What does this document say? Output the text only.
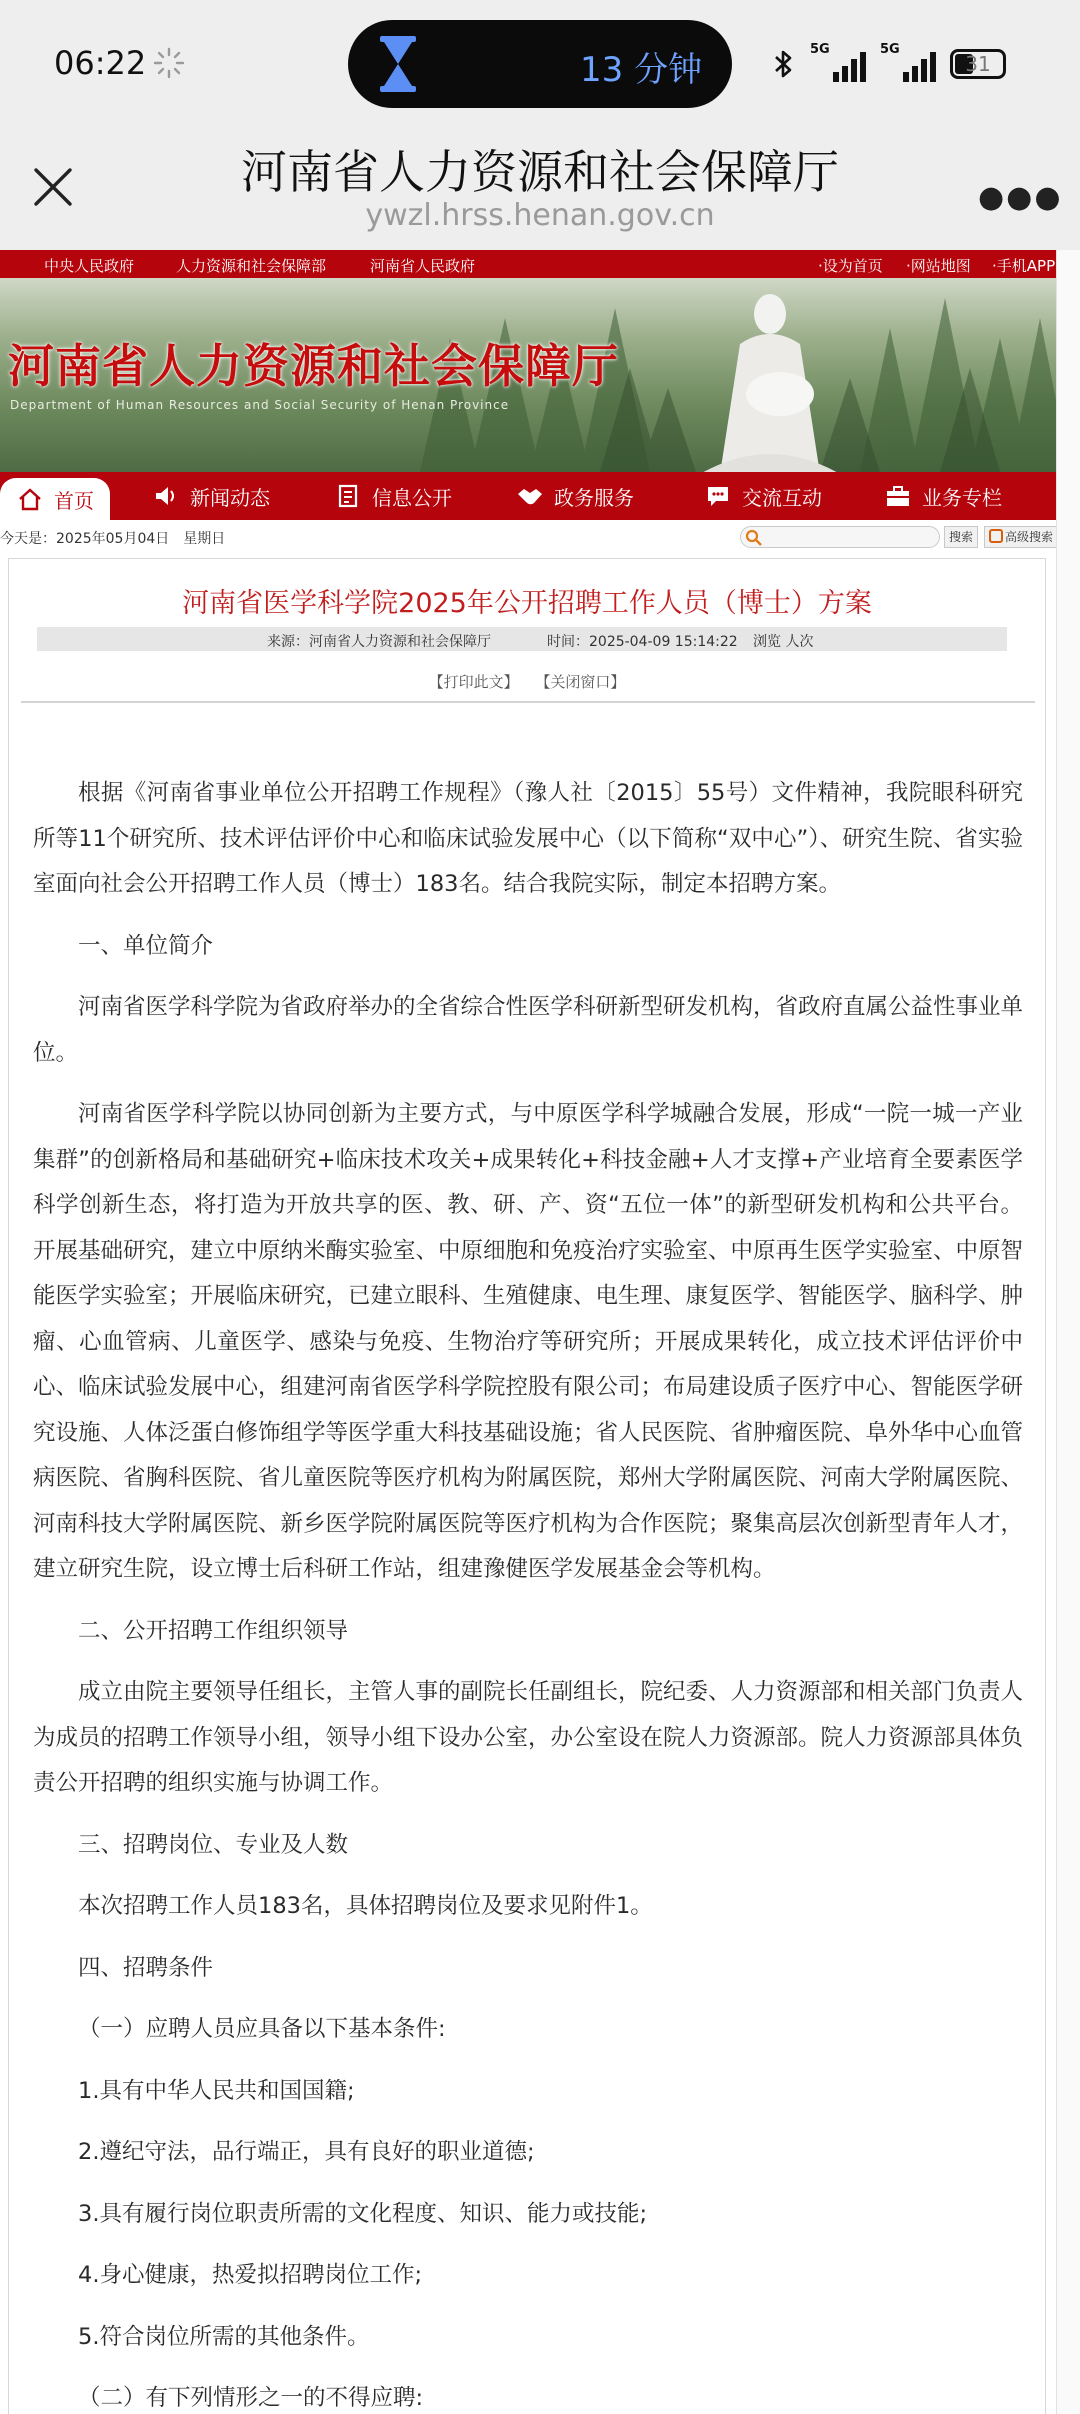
06:22	13 分钟
5G	5G
31
河南省人力资源和社会保障厅
ywzl.hrss.henan.gov.cn
●●●
中央人民政府	人力资源和社会保障部	河南省人民政府	·设为首页 ·网站地图 ·手机APP
河南省人力资源和社会保障厅
Department of Human Resources and Social Security of Henan Province
首页	新闻动态	信息公开	政务服务	交流互动	业务专栏
今天是：2025年05月04日　星期日	搜索	高级搜索
河南省医学科学院2025年公开招聘工作人员（博士）方案
来源：河南省人力资源和社会保障厅	时间：2025-04-09 15:14:22 浏览 人次
【打印此文】 【关闭窗口】

根据《河南省事业单位公开招聘工作规程》（豫人社〔2015〕55号）文件精神，我院眼科研究所等11个研究所、技术评估评价中心和临床试验发展中心（以下简称“双中心”）、研究生院、省实验室面向社会公开招聘工作人员（博士）183名。结合我院实际，制定本招聘方案。

一、单位简介

河南省医学科学院为省政府举办的全省综合性医学科研新型研发机构，省政府直属公益性事业单位。

河南省医学科学院以协同创新为主要方式，与中原医学科学城融合发展，形成“一院一城一产业集群”的创新格局和基础研究+临床技术攻关+成果转化+科技金融+人才支撑+产业培育全要素医学科学创新生态，将打造为开放共享的医、教、研、产、资“五位一体”的新型研发机构和公共平台。开展基础研究，建立中原纳米酶实验室、中原细胞和免疫治疗实验室、中原再生医学实验室、中原智能医学实验室；开展临床研究，已建立眼科、生殖健康、电生理、康复医学、智能医学、脑科学、肿瘤、心血管病、儿童医学、感染与免疫、生物治疗等研究所；开展成果转化，成立技术评估评价中心、临床试验发展中心，组建河南省医学科学院控股有限公司；布局建设质子医疗中心、智能医学研究设施、人体泛蛋白修饰组学等医学重大科技基础设施；省人民医院、省肿瘤医院、阜外华中心血管病医院、省胸科医院、省儿童医院等医疗机构为附属医院，郑州大学附属医院、河南大学附属医院、河南科技大学附属医院、新乡医学院附属医院等医疗机构为合作医院；聚集高层次创新型青年人才，建立研究生院，设立博士后科研工作站，组建豫健医学发展基金会等机构。

二、公开招聘工作组织领导

成立由院主要领导任组长，主管人事的副院长任副组长，院纪委、人力资源部和相关部门负责人为成员的招聘工作领导小组，领导小组下设办公室，办公室设在院人力资源部。院人力资源部具体负责公开招聘的组织实施与协调工作。

三、招聘岗位、专业及人数

本次招聘工作人员183名，具体招聘岗位及要求见附件1。

四、招聘条件

（一）应聘人员应具备以下基本条件:

1.具有中华人民共和国国籍;

2.遵纪守法，品行端正，具有良好的职业道德;

3.具有履行岗位职责所需的文化程度、知识、能力或技能;

4.身心健康，热爱拟招聘岗位工作;

5.符合岗位所需的其他条件。

（二）有下列情形之一的不得应聘:
